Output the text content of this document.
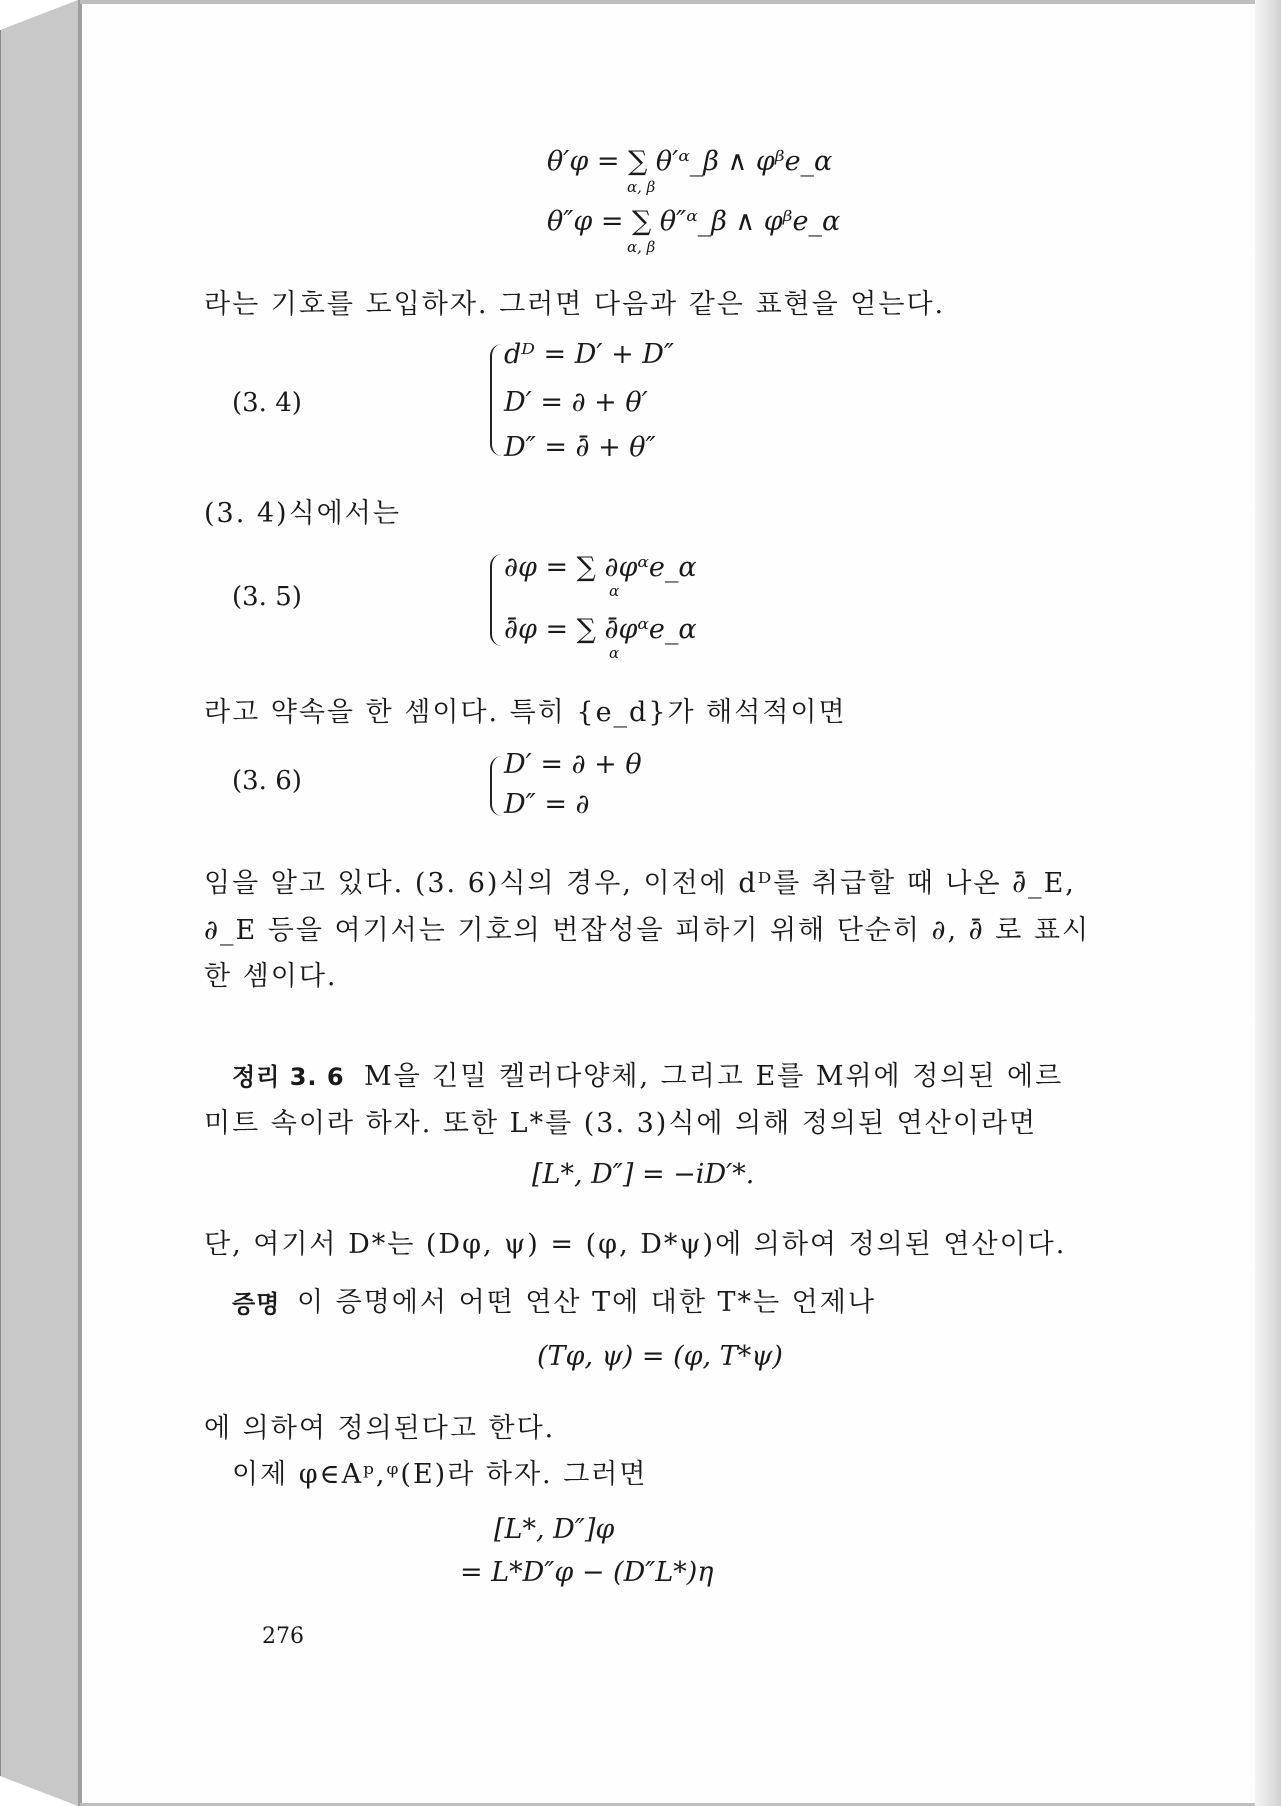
θ′φ = ∑ θ′ᵅ_β ∧ φᵝe_α
α, β
θ″φ = ∑ θ″ᵅ_β ∧ φᵝe_α
α, β
라는 기호를 도입하자. 그러면 다음과 같은 표현을 얻는다.
(3. 4)
dᴰ = D′ + D″
D′ = ∂ + θ′
D″ = ∂̄ + θ″
(3. 4)식에서는
(3. 5)
∂φ = ∑ ∂φᵅe_α
α
∂̄φ = ∑ ∂̄φᵅe_α
α
라고 약속을 한 셈이다. 특히 {e_d}가 해석적이면
(3. 6)
D′ = ∂ + θ
D″ = ∂
임을 알고 있다. (3. 6)식의 경우, 이전에 dᴰ를 취급할 때 나온 ∂̄_E,
∂_E 등을 여기서는 기호의 번잡성을 피하기 위해 단순히 ∂, ∂̄ 로 표시
한 셈이다.
정리 3. 6 M을 긴밀 켈러다양체, 그리고 E를 M위에 정의된 에르
미트 속이라 하자. 또한 L*를 (3. 3)식에 의해 정의된 연산이라면
[L*, D″] = −iD′*.
단, 여기서 D*는 (Dφ, ψ) = (φ, D*ψ)에 의하여 정의된 연산이다.
증명 이 증명에서 어떤 연산 T에 대한 T*는 언제나
(Tφ, ψ) = (φ, T*ψ)
에 의하여 정의된다고 한다.
이제 φ∈Aᵖ,ᵠ(E)라 하자. 그러면
[L*, D″]φ
= L*D″φ − (D″L*)η
276
